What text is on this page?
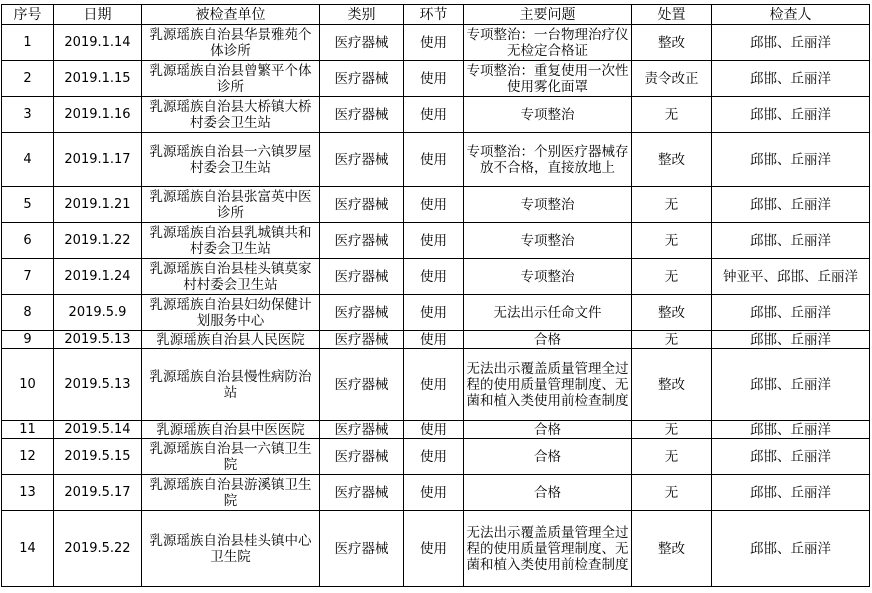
序号	日期	被检查单位	类别	环节	主要问题	处置	检查人
1	2019.1.14	乳源瑶族自治县华景雅苑个体诊所	医疗器械	使用	专项整治：一台物理治疗仪无检定合格证	整改	邱邯、丘丽洋
2	2019.1.15	乳源瑶族自治县曾繁平个体诊所	医疗器械	使用	专项整治：重复使用一次性使用雾化面罩	责令改正	邱邯、丘丽洋
3	2019.1.16	乳源瑶族自治县大桥镇大桥村委会卫生站	医疗器械	使用	专项整治	无	邱邯、丘丽洋
4	2019.1.17	乳源瑶族自治县一六镇罗屋村委会卫生站	医疗器械	使用	专项整治：个别医疗器械存放不合格，直接放地上	整改	邱邯、丘丽洋
5	2019.1.21	乳源瑶族自治县张富英中医诊所	医疗器械	使用	专项整治	无	邱邯、丘丽洋
6	2019.1.22	乳源瑶族自治县乳城镇共和村委会卫生站	医疗器械	使用	专项整治	无	邱邯、丘丽洋
7	2019.1.24	乳源瑶族自治县桂头镇莫家村村委会卫生站	医疗器械	使用	专项整治	无	钟亚平、邱邯、丘丽洋
8	2019.5.9	乳源瑶族自治县妇幼保健计划服务中心	医疗器械	使用	无法出示任命文件	整改	邱邯、丘丽洋
9	2019.5.13	乳源瑶族自治县人民医院	医疗器械	使用	合格	无	邱邯、丘丽洋
10	2019.5.13	乳源瑶族自治县慢性病防治站	医疗器械	使用	无法出示覆盖质量管理全过程的使用质量管理制度、无菌和植入类使用前检查制度	整改	邱邯、丘丽洋
11	2019.5.14	乳源瑶族自治县中医医院	医疗器械	使用	合格	无	邱邯、丘丽洋
12	2019.5.15	乳源瑶族自治县一六镇卫生院	医疗器械	使用	合格	无	邱邯、丘丽洋
13	2019.5.17	乳源瑶族自治县游溪镇卫生院	医疗器械	使用	合格	无	邱邯、丘丽洋
14	2019.5.22	乳源瑶族自治县桂头镇中心卫生院	医疗器械	使用	无法出示覆盖质量管理全过程的使用质量管理制度、无菌和植入类使用前检查制度	整改	邱邯、丘丽洋
